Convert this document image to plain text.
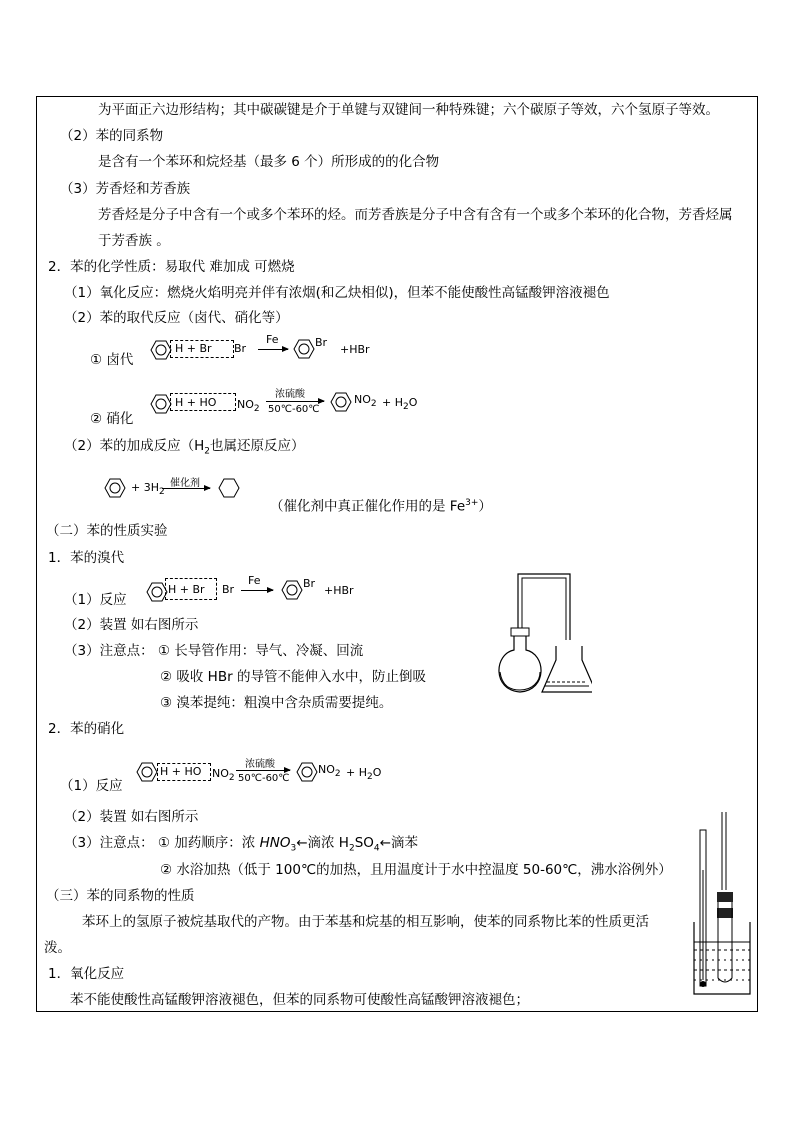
为平面正六边形结构；其中碳碳键是介于单键与双键间一种特殊键；六个碳原子等效，六个氢原子等效。
（2）苯的同系物
是含有一个苯环和烷烃基（最多 6 个）所形成的的化合物
（3）芳香烃和芳香族
芳香烃是分子中含有一个或多个苯环的烃。而芳香族是分子中含有含有一个或多个苯环的化合物，芳香烃属
于芳香族 。
2．苯的化学性质：易取代 难加成 可燃烧
（1）氧化反应：燃烧火焰明亮并伴有浓烟(和乙炔相似)，但苯不能使酸性高锰酸钾溶液褪色
（2）苯的取代反应（卤代、硝化等）
① 卤代
② 硝化
（2）苯的加成反应（$H_2$也属还原反应）
（催化剂中真正催化作用的是 $Fe^{3+}$）
（二）苯的性质实验
1．苯的溴代
（1）反应
（2）装置 如右图所示
（3）注意点： ① 长导管作用：导气、冷凝、回流
② 吸收 HBr 的导管不能伸入水中，防止倒吸
③ 溴苯提纯：粗溴中含杂质需要提纯。
2．苯的硝化
（1）反应
（2）装置 如右图所示
（3）注意点： ① 加药顺序：浓 $HNO_3\leftarrow$滴浓 $H_2SO_4\leftarrow$滴苯
② 水浴加热（低于 100℃的加热，且用温度计于水中控温度 50-60℃，沸水浴例外）
（三）苯的同系物的性质
苯环上的氢原子被烷基取代的产物。由于苯基和烷基的相互影响，使苯的同系物比苯的性质更活
泼。
1．氧化反应
苯不能使酸性高锰酸钾溶液褪色，但苯的同系物可使酸性高锰酸钾溶液褪色；
H + Br Br
Fe	Br
+HBr
H + HO $NO_2$
浓硫酸
50℃-60℃
$NO_2 + H_2O$
+ $3H_2$
催化剂
H + Br Br
Fe	Br
+HBr
H + HO $NO_2$
浓硫酸
50℃-60℃
$NO_2 + H_2O$
